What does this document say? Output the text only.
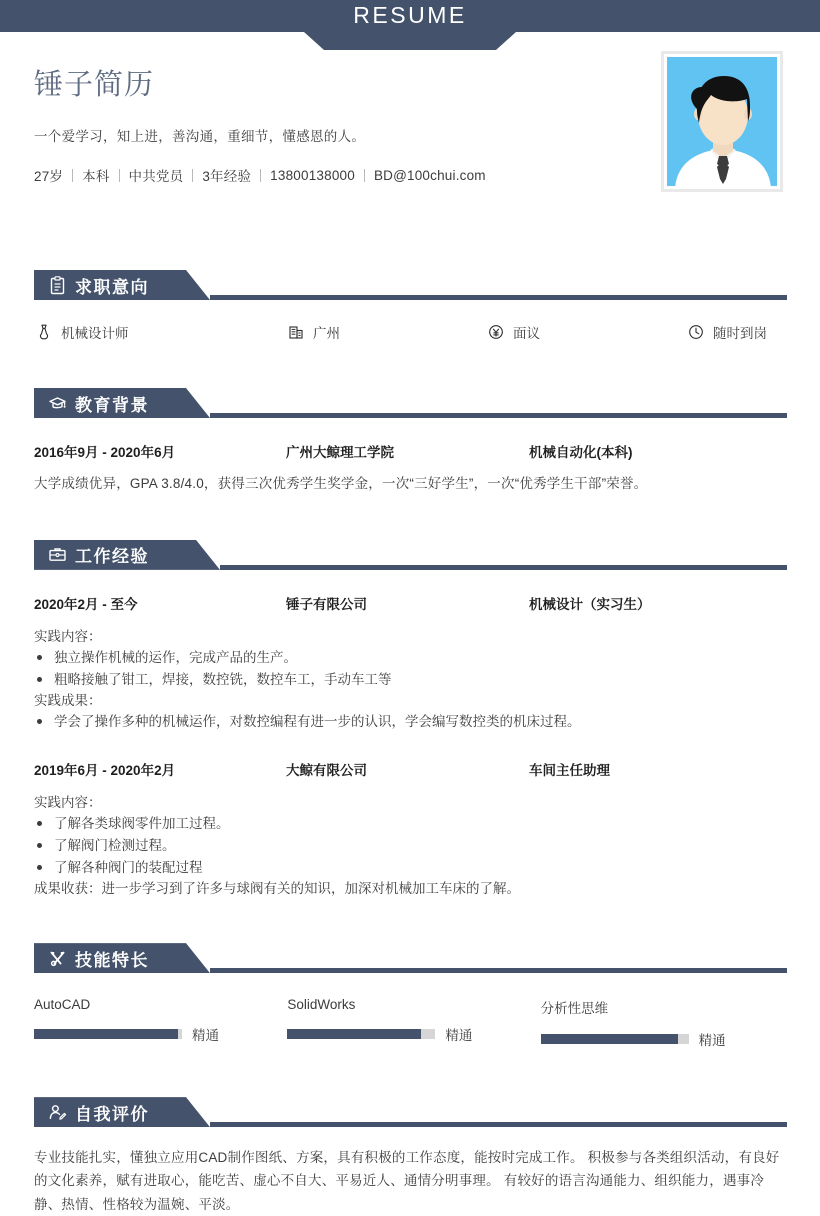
RESUME
锤子简历
一个爱学习，知上进，善沟通，重细节，懂感恩的人。
27岁 本科 中共党员 3年经验 13800138000 BD@100chui.com
求职意向
机械设计师	广州	面议	随时到岗
教育背景
2016年9月 - 2020年6月	广州大鲸理工学院	机械自动化(本科)
大学成绩优异，GPA 3.8/4.0，获得三次优秀学生奖学金，一次“三好学生”，一次“优秀学生干部”荣誉。
工作经验
2020年2月 - 至今	锤子有限公司	机械设计（实习生）
实践内容：
独立操作机械的运作，完成产品的生产。
粗略接触了钳工，焊接，数控铣，数控车工，手动车工等
实践成果：
学会了操作多种的机械运作，对数控编程有进一步的认识，学会编写数控类的机床过程。
2019年6月 - 2020年2月	大鲸有限公司	车间主任助理
实践内容：
了解各类球阀零件加工过程。
了解阀门检测过程。
了解各种阀门的装配过程
成果收获：进一步学习到了许多与球阀有关的知识，加深对机械加工车床的了解。
技能特长
AutoCAD
精通
SolidWorks
精通
分析性思维
精通
自我评价
专业技能扎实，懂独立应用CAD制作图纸、方案，具有积极的工作态度，能按时完成工作。 积极参与各类组织活动，有良好的文化素养，赋有进取心，能吃苦、虚心不自大、平易近人、通情分明事理。 有较好的语言沟通能力、组织能力，遇事冷静、热情、性格较为温婉、平淡。
